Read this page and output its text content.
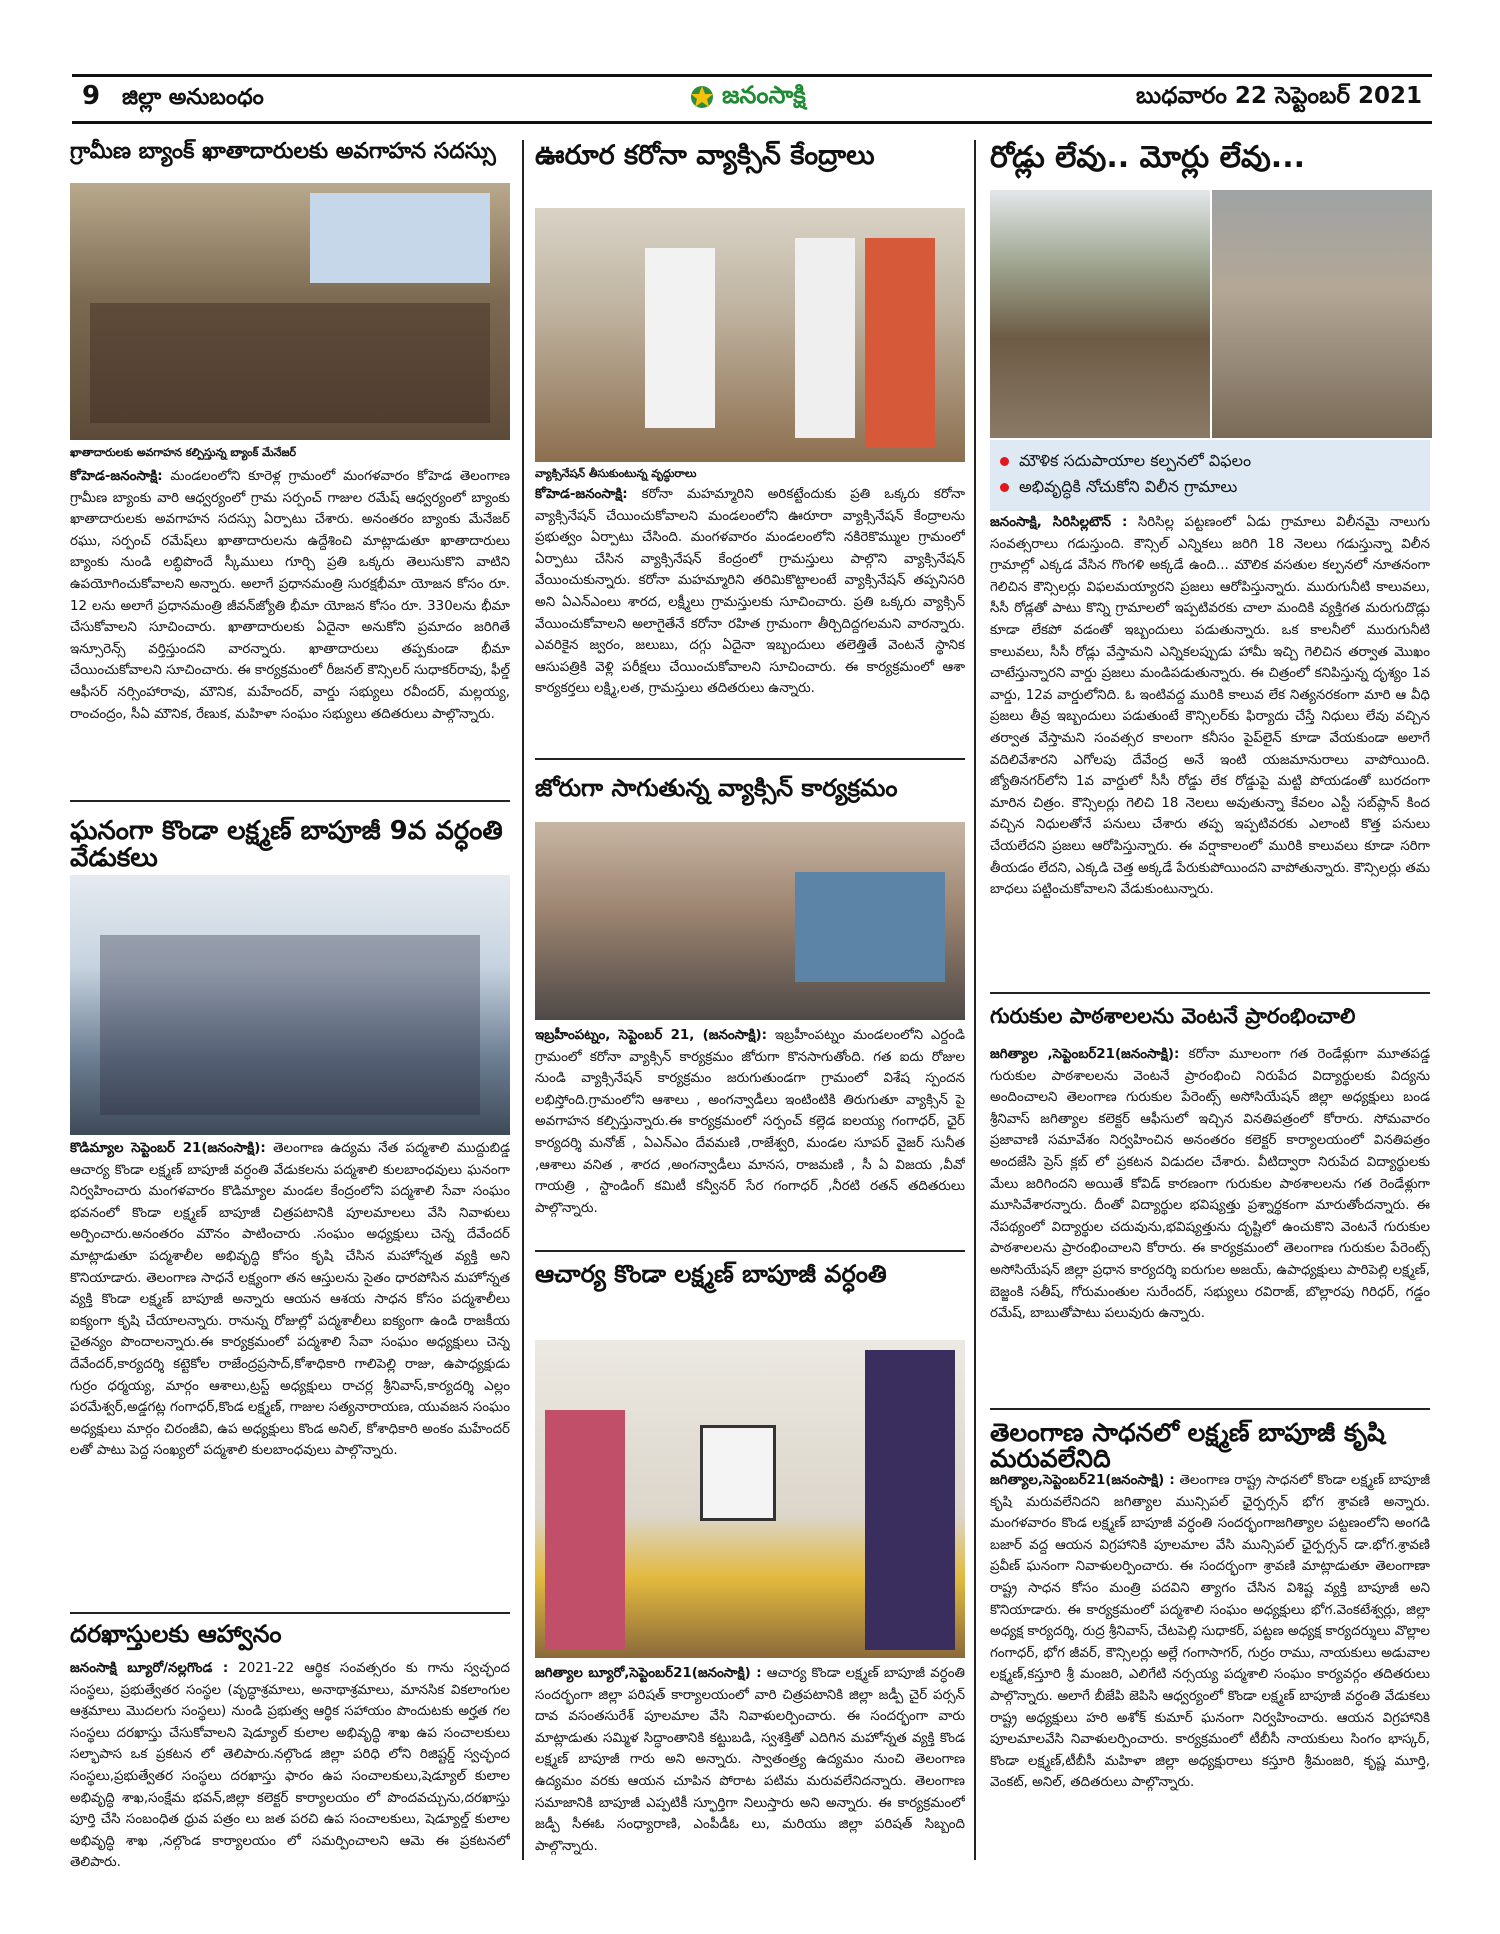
9 జిల్లా అనుబంధం	జనంసాక్షి	బుధవారం 22 సెప్టెంబర్ 2021
గ్రామీణ బ్యాంక్ ఖాతాదారులకు అవగాహన సదస్సు
ఖాతాదారులకు అవగాహన కల్పిస్తున్న బ్యాంక్ మేనేజర్
కోహెడ-జనంసాక్షి: మండలంలోని కూరెళ్ల గ్రామంలో మంగళవారం కోహెడ తెలంగాణ గ్రామీణ బ్యాంకు వారి ఆధ్వర్యంలో గ్రామ సర్పంచ్ గాజుల రమేష్ ఆధ్వర్యంలో బ్యాంకు ఖాతాదారులకు అవగాహన సదస్సు ఏర్పాటు చేశారు. అనంతరం బ్యాంకు మేనేజర్ రఘు, సర్పంచ్ రమేష్‌లు ఖాతాదారులను ఉద్దేశించి మాట్లాడుతూ ఖాతాదారులు బ్యాంకు నుండి లబ్ధిపొందే స్కీములు గూర్చి ప్రతి ఒక్కరు తెలుసుకొని వాటిని ఉపయోగించుకోవాలని అన్నారు. అలాగే ప్రధానమంత్రి సురక్షభీమా యోజన కోసం రూ. 12 లను అలాగే ప్రధానమంత్రి జీవన్‌జ్యోతి భీమా యోజన కోసం రూ. 330లను భీమా చేసుకోవాలని సూచించారు. ఖాతాదారులకు ఏదైనా అనుకోని ప్రమాదం జరిగితే ఇన్సూరెన్స్ వర్తిస్తుందని వారన్నారు. ఖాతాదారులు తప్పకుండా భీమా చేయించుకోవాలని సూచించారు. ఈ కార్యక్రమంలో రీజనల్ కౌన్సిలర్ సుధాకర్‌రావు, ఫీల్డ్ ఆఫీసర్ నర్సింహారావు, మౌనిక, మహేందర్, వార్డు సభ్యులు రవీందర్, మల్లయ్య, రాంచంద్రం, సీఏ మౌనిక, రేణుక, మహిళా సంఘం సభ్యులు తదితరులు పాల్గొన్నారు.
ఘనంగా కొండా లక్ష్మణ్ బాపూజీ 9వ వర్ధంతి వేడుకలు
కొడిమ్యాల సెప్టెంబర్ 21(జనంసాక్షి): తెలంగాణ ఉద్యమ నేత పద్మశాలి ముద్దుబిడ్డ ఆచార్య కొండా లక్ష్మణ్ బాపూజీ వర్ధంతి వేడుకలను పద్మశాలి కులబాంధవులు ఘనంగా నిర్వహించారు మంగళవారం కొడిమ్యాల మండల కేంద్రంలోని పద్మశాలి సేవా సంఘం భవనంలో కొండా లక్ష్మణ్ బాపూజీ చిత్రపటానికి పూలమాలలు వేసి నివాళులు అర్పించారు.అనంతరం మౌనం పాటించారు .సంఘం అధ్యక్షులు చెన్న దేవేందర్ మాట్లాడుతూ పద్మశాలీల అభివృద్ధి కోసం కృషి చేసిన మహోన్నత వ్యక్తి అని కొనియాడారు. తెలంగాణ సాధనే లక్ష్యంగా తన ఆస్తులను సైతం ధారపోసిన మహోన్నత వ్యక్తి కొండా లక్ష్మణ్ బాపూజీ అన్నారు ఆయన ఆశయ సాధన కోసం పద్మశాలీలు ఐక్యంగా కృషి చేయాలన్నారు. రానున్న రోజుల్లో పద్మశాలీలు ఐక్యంగా ఉండి రాజకీయ చైతన్యం పొందాలన్నారు.ఈ కార్యక్రమంలో పద్మశాలి సేవా సంఘం అధ్యక్షులు చెన్న దేవేందర్,కార్యదర్శి కట్టెకోల రాజేంద్రప్రసాద్,కోశాధికారి గాలిపెల్లి రాజు, ఉపాధ్యక్షుడు గుర్రం ధర్మయ్య, మార్గం ఆశాలు,ట్రస్ట్ అధ్యక్షులు రాచర్ల శ్రీనివాస్,కార్యదర్శి ఎల్లం పరమేశ్వర్,అడ్డగట్ల గంగాధర్,కొండ లక్ష్మణ్, గాజుల సత్యనారాయణ, యువజన సంఘం అధ్యక్షులు మార్గం చిరంజీవి, ఉప అధ్యక్షులు కొండ అనిల్, కోశాధికారి అంకం మహేందర్ లతో పాటు పెద్ద సంఖ్యలో పద్మశాలి కులబాంధవులు పాల్గొన్నారు.
దరఖాస్తులకు ఆహ్వానం
జనంసాక్షి బ్యూరో/నల్లగొండ : 2021-22 ఆర్థిక సంవత్సరం కు గాను స్వచ్ఛంద సంస్థలు, ప్రభుత్వేతర సంస్థల (వృద్ధాశ్రమాలు, అనాథాశ్రమాలు, మానసిక వికలాంగుల ఆశ్రమాలు మొదలగు సంస్థలు) నుండి ప్రభుత్వ ఆర్థిక సహాయం పొందుటకు అర్హత గల సంస్థలు దరఖాస్తు చేసుకోవాలని షెడ్యూల్ కులాల అభివృద్ధి శాఖ ఉప సంచాలకులు సల్భాపాస ఒక ప్రకటన లో తెలిపారు.నల్గొండ జిల్లా పరిధి లోని రిజిష్టర్డ్ స్వచ్ఛంద సంస్థలు,ప్రభుత్వేతర సంస్థలు దరఖాస్తు ఫారం ఉప సంచాలకులు,షెడ్యూల్ కులాల అభివృద్ధి శాఖ,సంక్షేమ భవన్,జిల్లా కలెక్టర్ కార్యాలయం లో పొందవచ్చును,దరఖాస్తు పూర్తి చేసి సంబంధిత ధ్రువ పత్రం లు జత పరచి ఉప సంచాలకులు, షెడ్యూల్డ్ కులాల అభివృద్ధి శాఖ ,నల్గొండ కార్యాలయం లో సమర్పించాలని ఆమె ఈ ప్రకటనలో తెలిపారు.
ఊరూర కరోనా వ్యాక్సిన్ కేంద్రాలు
వ్యాక్సినేషన్ తీసుకుంటున్న వృద్ధురాలు
కోహెడ-జనంసాక్షి: కరోనా మహమ్మారిని అరికట్టేందుకు ప్రతి ఒక్కరు కరోనా వ్యాక్సినేషన్ చేయించుకోవాలని మండలంలోని ఊరూరా వ్యాక్సినేషన్ కేంద్రాలను ప్రభుత్వం ఏర్పాటు చేసింది. మంగళవారం మండలంలోని నకిరెకొమ్ముల గ్రామంలో ఏర్పాటు చేసిన వ్యాక్సినేషన్ కేంద్రంలో గ్రామస్తులు పాల్గొని వ్యాక్సినేషన్ వేయించుకున్నారు. కరోనా మహమ్మారిని తరిమికొట్టాలంటే వ్యాక్సినేషన్ తప్పనిసరి అని ఏఎన్ఎంలు శారద, లక్ష్మీలు గ్రామస్తులకు సూచించారు. ప్రతి ఒక్కరు వ్యాక్సిన్ వేయించుకోవాలని అలాగైతేనే కరోనా రహిత గ్రామంగా తీర్చిదిద్దగలమని వారన్నారు. ఎవరికైన జ్వరం, జలుబు, దగ్గు ఏదైనా ఇబ్బందులు తలెత్తితే వెంటనే స్థానిక ఆసుపత్రికి వెళ్లి పరీక్షలు చేయించుకోవాలని సూచించారు. ఈ కార్యక్రమంలో ఆశా కార్యకర్తలు లక్ష్మి,లత, గ్రామస్తులు తదితరులు ఉన్నారు.
జోరుగా సాగుతున్న వ్యాక్సిన్ కార్యక్రమం
ఇబ్రహీంపట్నం, సెప్టెంబర్ 21, (జనంసాక్షి): ఇబ్రహీంపట్నం మండలంలోని ఎర్దండి గ్రామంలో కరోనా వ్యాక్సిన్ కార్యక్రమం జోరుగా కొనసాగుతోంది. గత ఐదు రోజుల నుండి వ్యాక్సినేషన్ కార్యక్రమం జరుగుతుండగా గ్రామంలో విశేష స్పందన లభిస్తోంది.గ్రామంలోని ఆశాలు , అంగన్వాడీలు ఇంటింటికి తిరుగుతూ వ్యాక్సిన్ పై అవగాహన కల్పిస్తున్నారు.ఈ కార్యక్రమంలో సర్పంచ్ కల్లెడ ఐలయ్య గంగాధర్, ఛైర్ కార్యదర్శి మనోజ్ , ఏఎన్ఎం దేవమణి ,రాజేశ్వరి, మండల సూపర్ వైజర్ సునీత ,ఆశాలు వనిత , శారద ,అంగన్వాడీలు మానస, రాజమణి , సీ ఏ విజయ ,వీవో గాయత్రి , స్టాండింగ్ కమిటీ కన్వీనర్ సేర గంగాధర్ ,నీరటి రతన్ తదితరులు పాల్గొన్నారు.
ఆచార్య కొండా లక్ష్మణ్ బాపూజీ వర్ధంతి
జగిత్యాల బ్యూరో,సెప్టెంబర్21(జనంసాక్షి) : ఆచార్య కొండా లక్ష్మణ్ బాపూజీ వర్ధంతి సందర్భంగా జిల్లా పరిషత్ కార్యాలయంలో వారి చిత్రపటానికి జిల్లా జడ్పీ చైర్ పర్సన్ దావ వసంతసురేశ్ పూలమాల వేసి నివాళులర్పించారు. ఈ సందర్భంగా వారు మాట్లాడుతు సమ్మిళ సిద్ధాంతానికి కట్టుబడి, స్వశక్తితో ఎదిగిన మహోన్నత వ్యక్తి కొండ లక్ష్మణ్ బాపూజీ గారు అని అన్నారు. స్వాతంత్ర్య ఉద్యమం నుంచి తెలంగాణ ఉద్యమం వరకు ఆయన చూపిన పోరాట పటిమ మరువలేనిదన్నారు. తెలంగాణ సమాజానికి బాపూజీ ఎప్పటికీ స్ఫూర్తిగా నిలుస్తారు అని అన్నారు. ఈ కార్యక్రమంలో జడ్పీ సీఈఓ సంధ్యారాణి, ఎంపీడీఓ లు, మరియు జిల్లా పరిషత్ సిబ్బంది పాల్గొన్నారు.
రోడ్లు లేవు.. మోర్లు లేవు...
మౌళిక సదుపాయాల కల్పనలో విఫలం
అభివృద్ధికి నోచుకోని విలీన గ్రామాలు
జనంసాక్షి, సిరిసిల్లటౌన్ : సిరిసిల్ల పట్టణంలో ఏడు గ్రామాలు విలీనమై నాలుగు సంవత్సరాలు గడుస్తుంది. కౌన్సిల్ ఎన్నికలు జరిగి 18 నెలలు గడుస్తున్నా విలీన గ్రామాల్లో ఎక్కడ వేసిన గొంగళి అక్కడే ఉంది... మౌలిక వసతుల కల్పనలో నూతనంగా గెలిచిన కౌన్సిలర్లు విఫలమయ్యారని ప్రజలు ఆరోపిస్తున్నారు. మురుగునీటి కాలువలు, సీసీ రోడ్లతో పాటు కొన్ని గ్రామాలలో ఇప్పటివరకు చాలా మందికి వ్యక్తిగత మరుగుదొడ్లు కూడా లేకపో వడంతో ఇబ్బందులు పడుతున్నారు. ఒక కాలనీలో మురుగునీటి కాలువలు, సీసీ రోడ్లు వేస్తామని ఎన్నికలప్పుడు హామీ ఇచ్చి గెలిచిన తర్వాత మొఖం చాటేస్తున్నారని వార్డు ప్రజలు మండిపడుతున్నారు. ఈ చిత్రంలో కనిపిస్తున్న దృశ్యం 1వ వార్డు, 12వ వార్డులోనిది. ఓ ఇంటివద్ద మురికి కాలువ లేక నిత్యనరకంగా మారి ఆ వీధి ప్రజలు తీవ్ర ఇబ్బందులు పడుతుంటే కౌన్సిలర్‌కు ఫిర్యాదు చేస్తే నిధులు లేవు వచ్చిన తర్వాత వేస్తామని సంవత్సర కాలంగా కనీసం పైప్‌లైన్ కూడా వేయకుండా అలాగే వదిలివేశారని ఎగోలపు దేవేంద్ర అనే ఇంటి యజమానురాలు వాపోయింది. జ్యోతినగర్‌లోని 1వ వార్డులో సీసీ రోడ్డు లేక రోడ్డుపై మట్టి పోయడంతో బురదంగా మారిన చిత్రం. కౌన్సిలర్లు గెలిచి 18 నెలలు అవుతున్నా కేవలం ఎస్టీ సబ్‌ప్లాన్ కింద వచ్చిన నిధులతోనే పనులు చేశారు తప్ప ఇప్పటివరకు ఎలాంటి కొత్త పనులు చేయలేదని ప్రజలు ఆరోపిస్తున్నారు. ఈ వర్షాకాలంలో మురికి కాలువలు కూడా సరిగా తీయడం లేదని, ఎక్కడి చెత్త అక్కడే పేరుకుపోయిందని వాపోతున్నారు. కౌన్సిలర్లు తమ బాధలు పట్టించుకోవాలని వేడుకుంటున్నారు.
గురుకుల పాఠశాలలను వెంటనే ప్రారంభించాలి
జగిత్యాల ,సెప్టెంబర్21(జనంసాక్షి): కరోనా మూలంగా గత రెండేళ్లుగా మూతపడ్డ గురుకుల పాఠశాలలను వెంటనే ప్రారంభించి నిరుపేద విద్యార్థులకు విద్యను అందించాలని తెలంగాణ గురుకుల పేరెంట్స్ అసోసియేషన్ జిల్లా అధ్యక్షులు బండ శ్రీనివాస్ జగిత్యాల కలెక్టర్ ఆఫీసులో ఇచ్చిన వినతిపత్రంలో కోరారు. సోమవారం ప్రజావాణి సమావేశం నిర్వహించిన అనంతరం కలెక్టర్ కార్యాలయంలో వినతిపత్రం అందజేసి ప్రెస్ క్లబ్ లో ప్రకటన విడుదల చేశారు. వీటిద్వారా నిరుపేద విద్యార్థులకు మేలు జరిగిందని అయితే కోవిడ్ కారణంగా గురుకుల పాఠశాలలను గత రెండేళ్లుగా మూసివేశారన్నారు. దీంతో విద్యార్థుల భవిష్యత్తు ప్రశ్నార్థకంగా మారుతోందన్నారు. ఈ నేపథ్యంలో విద్యార్థుల చదువును,భవిష్యత్తును దృష్టిలో ఉంచుకొని వెంటనే గురుకుల పాఠశాలలను ప్రారంభించాలని కోరారు. ఈ కార్యక్రమంలో తెలంగాణ గురుకుల పేరెంట్స్ అసోసియేషన్ జిల్లా ప్రధాన కార్యదర్శి ఐరుగుల అజయ్, ఉపాధ్యక్షులు పారిపెల్లి లక్ష్మణ్, బెజ్జంకి సతీష్, గోరుమంతుల సురేందర్, సభ్యులు రవిరాజ్, బొల్లారపు గిరిధర్, గడ్డం రమేష్, బాబుతోపాటు పలువురు ఉన్నారు.
తెలంగాణ సాధనలో లక్ష్మణ్ బాపూజీ కృషి మరువలేనిది
జగిత్యాల,సెప్టెంబర్21(జనంసాక్షి) : తెలంగాణ రాష్ట్ర సాధనలో కొండా లక్ష్మణ్ బాపూజీ కృషి మరువలేనిదని జగిత్యాల మున్సిపల్ ఛైర్పర్సన్ భోగ శ్రావణి అన్నారు. మంగళవారం కొండ లక్ష్మణ్ బాపూజీ వర్ధంతి సందర్భంగాజగిత్యాల పట్టణంలోని అంగడి బజార్ వద్ద ఆయన విగ్రహానికి పూలమాల వేసి మున్సిపల్ ఛైర్పర్సన్ డా.భోగ.శ్రావణి ప్రవీణ్ ఘనంగా నివాళులర్పించారు. ఈ సందర్భంగా శ్రావణి మాట్లాడుతూ తెలంగాణా రాష్ట్ర సాధన కోసం మంత్రి పదవిని త్యాగం చేసిన విశిష్ట వ్యక్తి బాపూజీ అని కొనియాడారు. ఈ కార్యక్రమంలో పద్మశాలి సంఘం అధ్యక్షులు భోగ.వెంకటేశ్వర్లు, జిల్లా అధ్యక్ష కార్యదర్శి, రుద్ర శ్రీనివాస్, చేటపెల్లి సుధాకర్, పట్టణ అధ్యక్ష కార్యదర్శులు వొల్లాల గంగాధర్, భోగ జీవర్, కౌన్సిలర్లు అల్లే గంగాసాగర్, గుర్రం రాము, నాయకులు అడువాల లక్ష్మణ్,కస్తూరి శ్రీ మంజరి, ఎలిగేటి నర్సయ్య పద్మశాలి సంఘం కార్యవర్గం తదితరులు పాల్గొన్నారు. అలాగే బీజేపి జెపిసి ఆధ్వర్యంలో కొండా లక్ష్మణ్ బాపూజీ వర్ధంతి వేడుకలు రాష్ట్ర అధ్యక్షులు హరి అశోక్ కుమార్ ఘనంగా నిర్వహించారు. ఆయన విగ్రహానికి పూలమాలవేసి నివాళులర్పించారు. కార్యక్రమంలో టీబీసీ నాయకులు సింగం భాస్కర్, కొండా లక్ష్మణ్,టీబీసీ మహిళా జిల్లా అధ్యక్షురాలు కస్తూరి శ్రీమంజరి, కృష్ణ మూర్తి, వెంకట్, అనిల్, తదితరులు పాల్గొన్నారు.
